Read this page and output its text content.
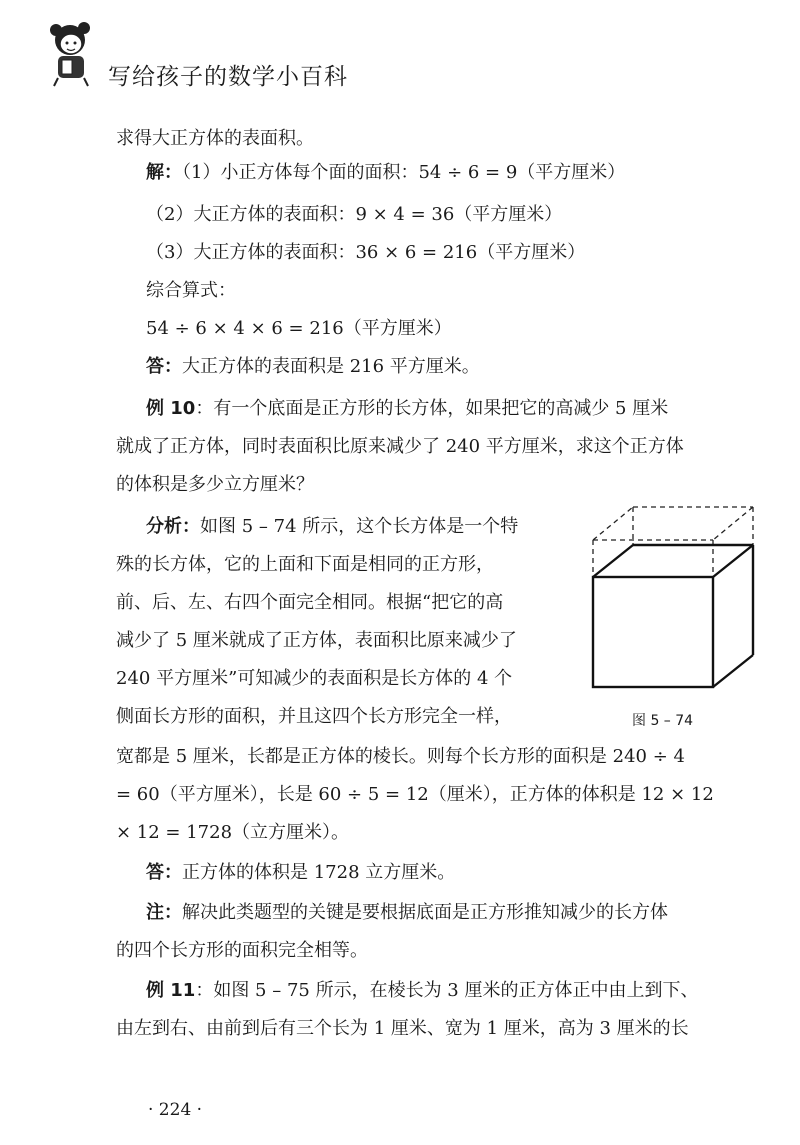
写给孩子的数学小百科
求得大正方体的表面积。
解：（1）小正方体每个面的面积：54 ÷ 6 = 9（平方厘米）
（2）大正方体的表面积：9 × 4 = 36（平方厘米）
（3）大正方体的表面积：36 × 6 = 216（平方厘米）
综合算式：
54 ÷ 6 × 4 × 6 = 216（平方厘米）
答：大正方体的表面积是 216 平方厘米。
例 10：有一个底面是正方形的长方体，如果把它的高减少 5 厘米
就成了正方体，同时表面积比原来减少了 240 平方厘米，求这个正方体
的体积是多少立方厘米？
分析：如图 5 – 74 所示，这个长方体是一个特
殊的长方体，它的上面和下面是相同的正方形，
前、后、左、右四个面完全相同。根据“把它的高
减少了 5 厘米就成了正方体，表面积比原来减少了
240 平方厘米”可知减少的表面积是长方体的 4 个
侧面长方形的面积，并且这四个长方形完全一样，
宽都是 5 厘米，长都是正方体的棱长。则每个长方形的面积是 240 ÷ 4
= 60（平方厘米），长是 60 ÷ 5 = 12（厘米），正方体的体积是 12 × 12
× 12 = 1728（立方厘米）。
答：正方体的体积是 1728 立方厘米。
注：解决此类题型的关键是要根据底面是正方形推知减少的长方体
的四个长方形的面积完全相等。
例 11：如图 5 – 75 所示，在棱长为 3 厘米的正方体正中由上到下、
由左到右、由前到后有三个长为 1 厘米、宽为 1 厘米，高为 3 厘米的长
图 5 – 74
· 224 ·
